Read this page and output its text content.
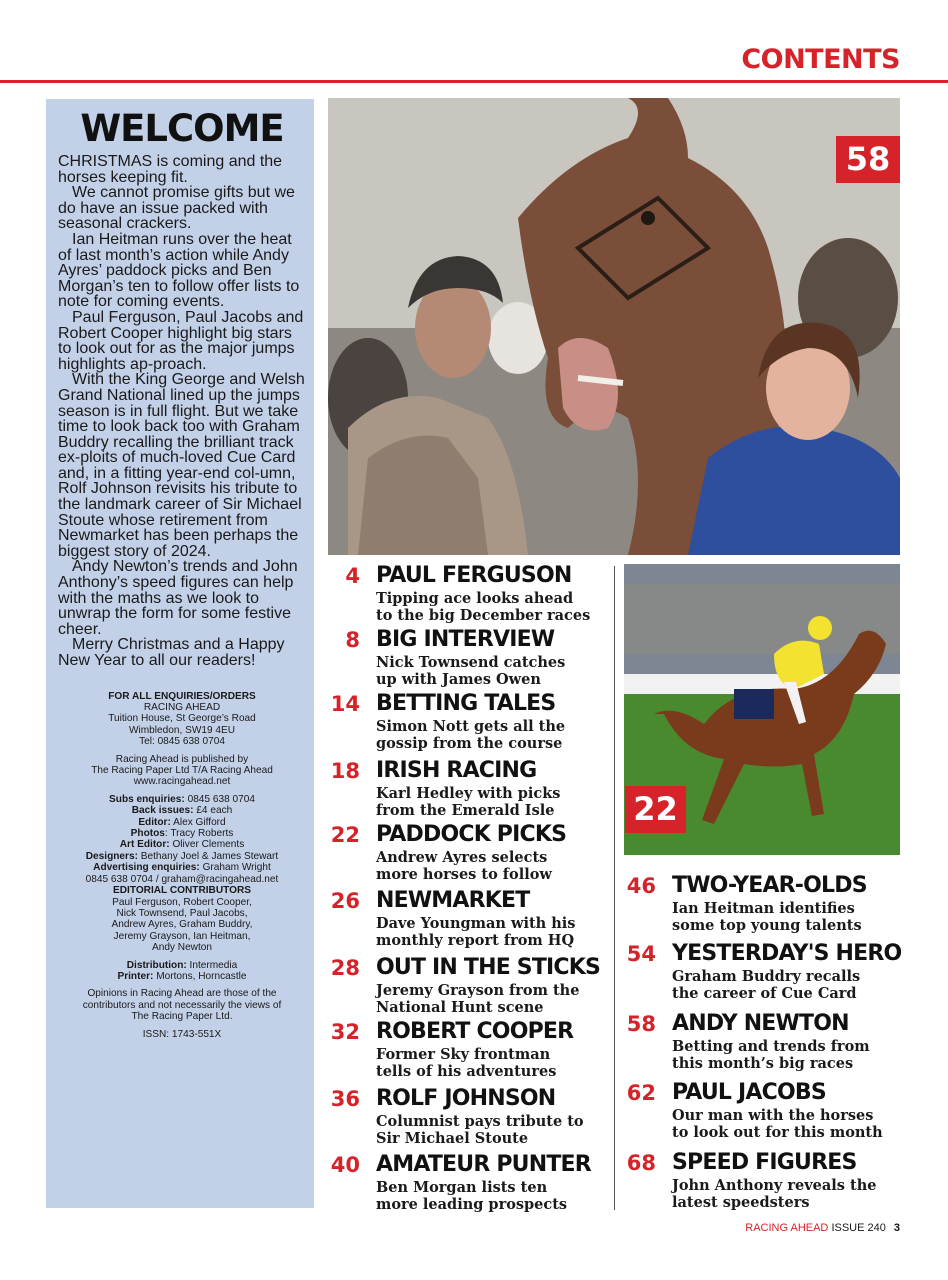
CONTENTS
WELCOME

CHRISTMAS is coming and the horses keeping fit.

We cannot promise gifts but we do have an issue packed with seasonal crackers.

Ian Heitman runs over the heat of last month’s action while Andy Ayres’ paddock picks and Ben Morgan’s ten to follow offer lists to note for coming events.

Paul Ferguson, Paul Jacobs and Robert Cooper highlight big stars to look out for as the major jumps highlights ap-proach.

With the King George and Welsh Grand National lined up the jumps season is in full flight. But we take time to look back too with Graham Buddry recalling the brilliant track ex-ploits of much-loved Cue Card and, in a fitting year-end col-umn, Rolf Johnson revisits his tribute to the landmark career of Sir Michael Stoute whose retirement from Newmarket has been perhaps the biggest story of 2024.

Andy Newton’s trends and John Anthony’s speed figures can help with the maths as we look to unwrap the form for some festive cheer.

Merry Christmas and a Happy New Year to all our readers!

FOR ALL ENQUIRIES/ORDERS
RACING AHEAD
Tuition House, St George’s Road
Wimbledon, SW19 4EU
Tel: 0845 638 0704
Racing Ahead is published by
The Racing Paper Ltd T/A Racing Ahead
www.racingahead.net
Subs enquiries: 0845 638 0704
Back issues: £4 each
Editor: Alex Gifford
Photos: Tracy Roberts
Art Editor: Oliver Clements
Designers: Bethany Joel & James Stewart
Advertising enquiries: Graham Wright
0845 638 0704 / graham@racingahead.net
EDITORIAL CONTRIBUTORS
Paul Ferguson, Robert Cooper,
Nick Townsend, Paul Jacobs,
Andrew Ayres, Graham Buddry,
Jeremy Grayson, Ian Heitman,
Andy Newton
Distribution: Intermedia
Printer: Mortons, Horncastle
Opinions in Racing Ahead are those of the
contributors and not necessarily the views of
The Racing Paper Ltd.
ISSN: 1743-551X
58
22
4 PAUL FERGUSON
Tipping ace looks ahead
to the big December races
8 BIG INTERVIEW
Nick Townsend catches
up with James Owen
14 BETTING TALES
Simon Nott gets all the
gossip from the course
18 IRISH RACING
Karl Hedley with picks
from the Emerald Isle
22 PADDOCK PICKS
Andrew Ayres selects
more horses to follow
26 NEWMARKET
Dave Youngman with his
monthly report from HQ
28 OUT IN THE STICKS
Jeremy Grayson from the
National Hunt scene
32 ROBERT COOPER
Former Sky frontman
tells of his adventures
36 ROLF JOHNSON
Columnist pays tribute to
Sir Michael Stoute
40 AMATEUR PUNTER
Ben Morgan lists ten
more leading prospects
46 TWO-YEAR-OLDS
Ian Heitman identifies
some top young talents
54 YESTERDAY'S HERO
Graham Buddry recalls
the career of Cue Card
58 ANDY NEWTON
Betting and trends from
this month’s big races
62 PAUL JACOBS
Our man with the horses
to look out for this month
68 SPEED FIGURES
John Anthony reveals the
latest speedsters
RACING AHEAD ISSUE 240 3
